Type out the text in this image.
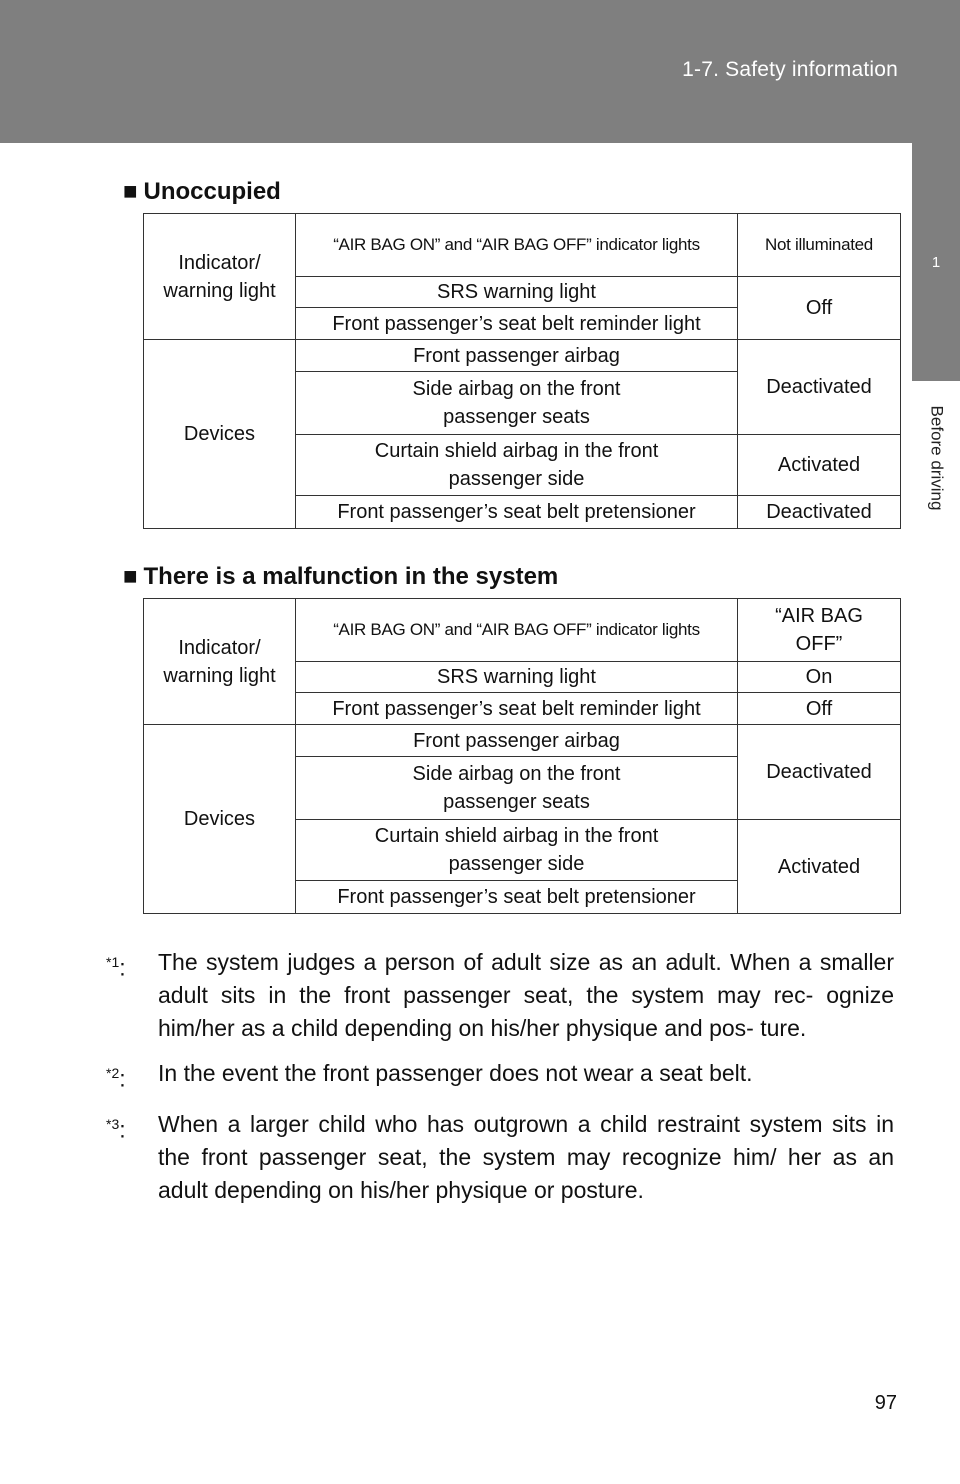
1-7. Safety information
1
Before driving
■ Unoccupied
Indicator/
warning light	“AIR BAG ON” and “AIR BAG OFF” indicator lights	Not illuminated
	SRS warning light	Off
	Front passenger’s seat belt reminder light	
Devices	Front passenger airbag	Deactivated
	Side airbag on the front
passenger seats	
	Curtain shield airbag in the front
passenger side	Activated
	Front passenger’s seat belt pretensioner	Deactivated
■ There is a malfunction in the system
Indicator/
warning light	“AIR BAG ON” and “AIR BAG OFF” indicator lights	“AIR BAG
OFF”
	SRS warning light	On
	Front passenger’s seat belt reminder light	Off
Devices	Front passenger airbag	Deactivated
	Side airbag on the front
passenger seats	
	Curtain shield airbag in the front
passenger side	Activated
	Front passenger’s seat belt pretensioner	
$^{*1}$:	The system judges a person of adult size as an adult. When a smaller adult sits in the front passenger seat, the system may rec- ognize him/her as a child depending on his/her physique and pos- ture.
$^{*2}$:	In the event the front passenger does not wear a seat belt.
$^{*3}$:	When a larger child who has outgrown a child restraint system sits in the front passenger seat, the system may recognize him/ her as an adult depending on his/her physique or posture.
97
